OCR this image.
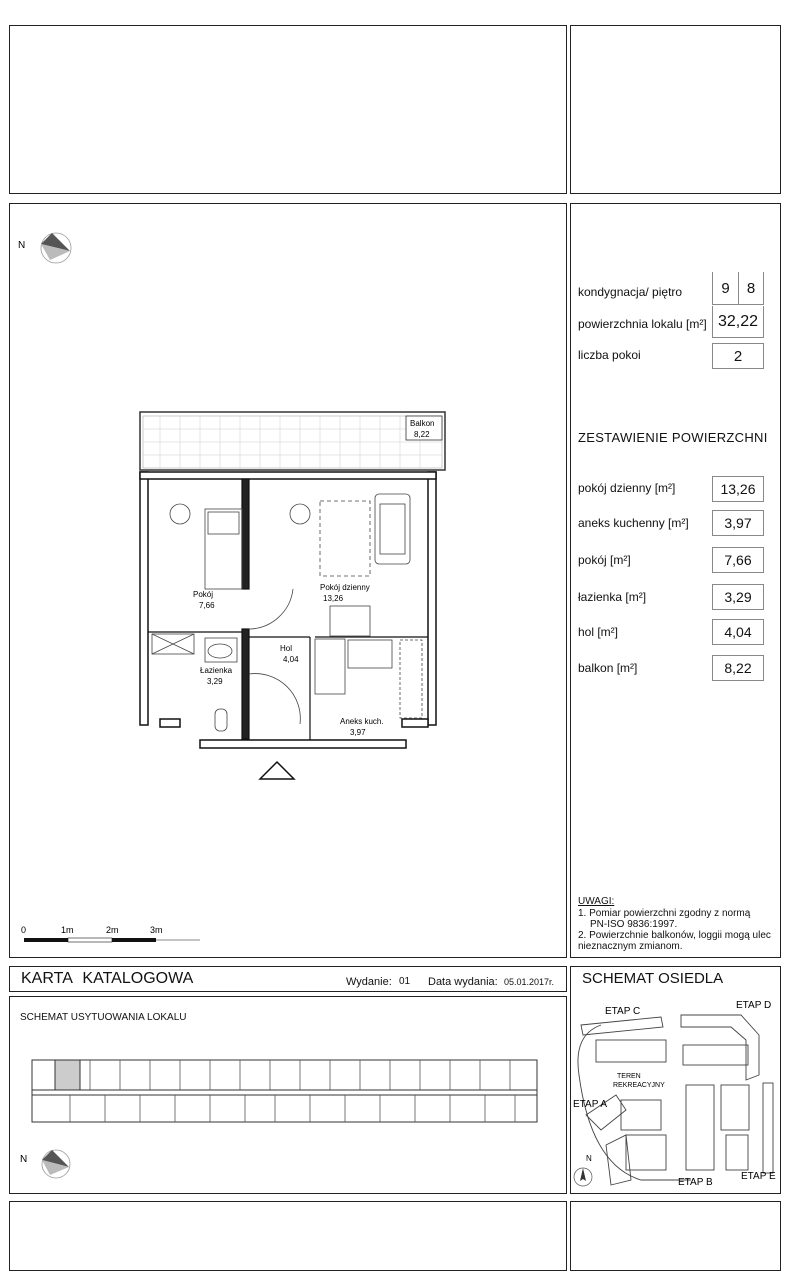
kondygnacja/ piętro	9	8
powierzchnia lokalu [m²] 32,22
liczba pokoi	2
ZESTAWIENIE POWIERZCHNI
pokój dzienny [m²]	13,26
aneks kuchenny [m²]	3,97
pokój [m²]	7,66
łazienka [m²]	3,29
hol [m²]	4,04
balkon [m²]	8,22
UWAGI:
1. Pomiar powierzchni zgodny z normą
PN-ISO 9836:1997.
2. Powierzchnie balkonów, loggii mogą ulec
nieznacznym zmianom.
KARTA KATALOGOWA	Wydanie: 01 Data wydania: 05.01.2017r.
SCHEMAT USYTUOWANIA LOKALU
SCHEMAT OSIEDLA
N
Balkon
8,22
Pokój
7,66
Pokój dzienny
13,26
Hol
4,04
Łazienka
3,29
Aneks kuch.
3,97
0	1m	2m	3m
N
ETAP C
ETAP D
ETAP A
ETAP B
ETAP E
TEREN
REKREACYJNY
N
